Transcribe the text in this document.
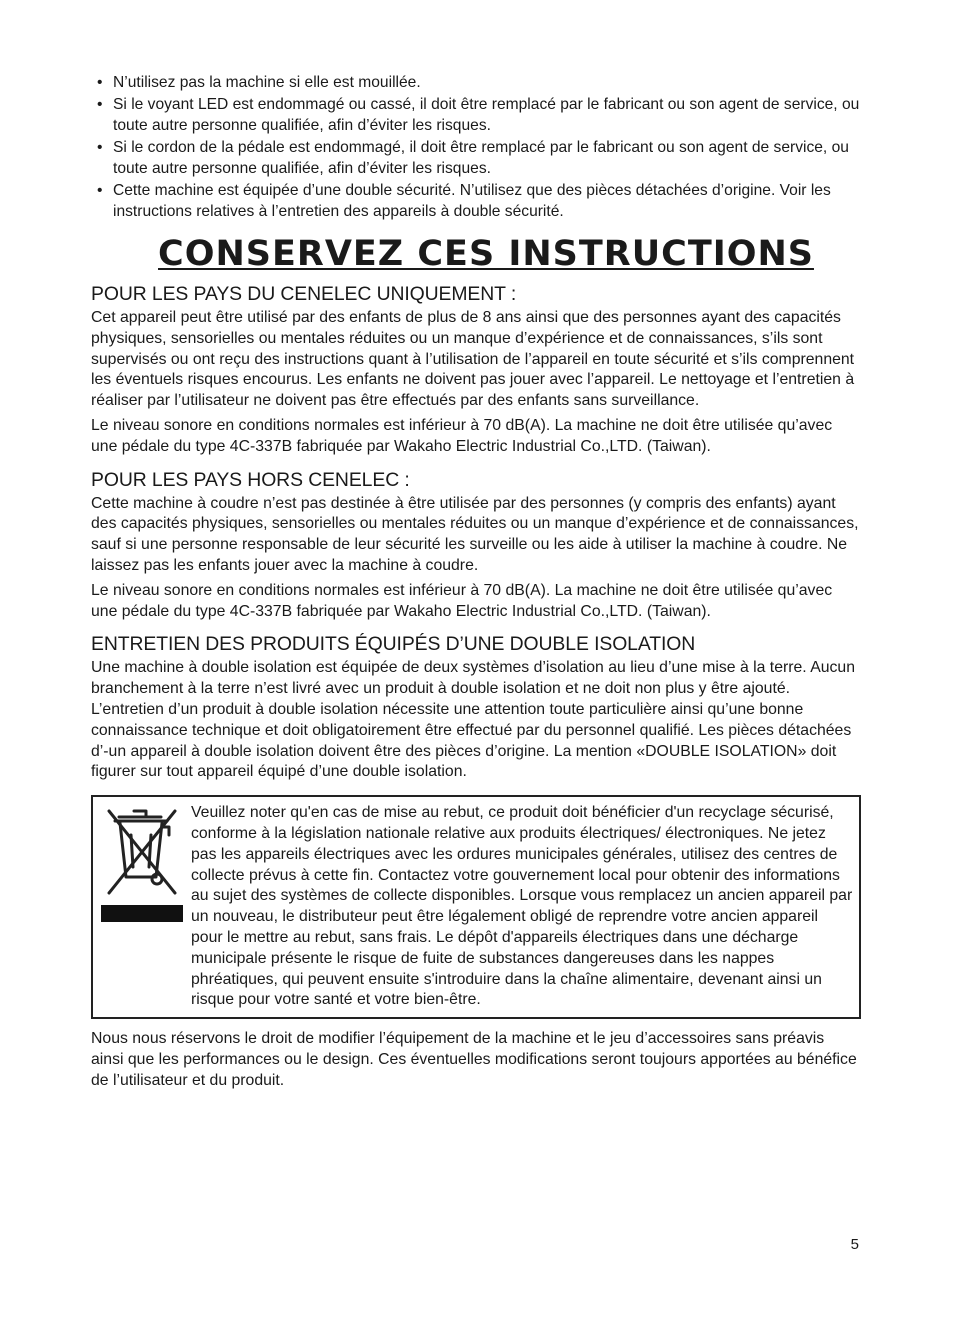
• N’utilisez pas la machine si elle est mouillée.
• Si le voyant LED est endommagé ou cassé, il doit être remplacé par le fabricant ou son agent de service, ou toute autre personne qualifiée, afin d’éviter les risques.
• Si le cordon de la pédale est endommagé, il doit être remplacé par le fabricant ou son agent de service, ou toute autre personne qualifiée, afin d’éviter les risques.
• Cette machine est équipée d’une double sécurité. N’utilisez que des pièces détachées d’origine. Voir les instructions relatives à l’entretien des appareils à double sécurité.
CONSERVEZ CES INSTRUCTIONS
POUR LES PAYS DU CENELEC UNIQUEMENT :

Cet appareil peut être utilisé par des enfants de plus de 8 ans ainsi que des personnes ayant des capacités physiques, sensorielles ou mentales réduites ou un manque d’expérience et de connaissances, s’ils sont supervisés ou ont reçu des instructions quant à l’utilisation de l’appareil en toute sécurité et s’ils comprennent les éventuels risques encourus. Les enfants ne doivent pas jouer avec l’appareil. Le nettoyage et l’entretien à réaliser par l’utilisateur ne doivent pas être effectués par des enfants sans surveillance.

Le niveau sonore en conditions normales est inférieur à 70 dB(A). La machine ne doit être utilisée qu’avec une pédale du type 4C-337B fabriquée par Wakaho Electric Industrial Co.,LTD. (Taiwan).

POUR LES PAYS HORS CENELEC :

Cette machine à coudre n’est pas destinée à être utilisée par des personnes (y compris des enfants) ayant des capacités physiques, sensorielles ou mentales réduites ou un manque d’expérience et de connaissances, sauf si une personne responsable de leur sécurité les surveille ou les aide à utiliser la machine à coudre. Ne laissez pas les enfants jouer avec la machine à coudre.

Le niveau sonore en conditions normales est inférieur à 70 dB(A). La machine ne doit être utilisée qu’avec une pédale du type 4C-337B fabriquée par Wakaho Electric Industrial Co.,LTD. (Taiwan).

ENTRETIEN DES PRODUITS ÉQUIPÉS D’UNE DOUBLE ISOLATION

Une machine à double isolation est équipée de deux systèmes d’isolation au lieu d’une mise à la terre. Aucun branchement à la terre n’est livré avec un produit à double isolation et ne doit non plus y être ajouté. L’entretien d’un produit à double isolation nécessite une attention toute particulière ainsi qu’une bonne connaissance technique et doit obligatoirement être effectué par du personnel qualifié. Les pièces détachées d’-un appareil à double isolation doivent être des pièces d’origine. La mention «DOUBLE ISOLATION» doit figurer sur tout appareil équipé d’une double isolation.

Veuillez noter qu'en cas de mise au rebut, ce produit doit bénéficier d'un recyclage sécurisé, conforme à la législation nationale relative aux produits électriques/ électroniques. Ne jetez pas les appareils électriques avec les ordures municipales générales, utilisez des centres de collecte prévus à cette fin. Contactez votre gouvernement local pour obtenir des informations au sujet des systèmes de collecte disponibles. Lorsque vous remplacez un ancien appareil par un nouveau, le distributeur peut être légalement obligé de reprendre votre ancien appareil pour le mettre au rebut, sans frais. Le dépôt d'appareils électriques dans une décharge municipale présente le risque de fuite de substances dangereuses dans les nappes phréatiques, qui peuvent ensuite s'introduire dans la chaîne alimentaire, devenant ainsi un risque pour votre santé et votre bien-être.

Nous nous réservons le droit de modifier l’équipement de la machine et le jeu d’accessoires sans préavis ainsi que les performances ou le design. Ces éventuelles modifications seront toujours apportées au bénéfice de l’utilisateur et du produit.

5
